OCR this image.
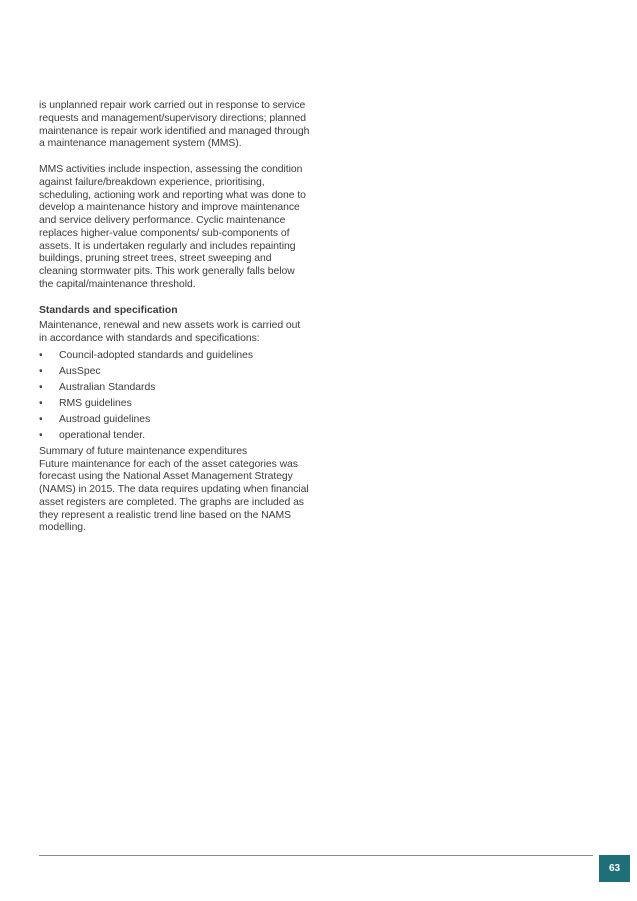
is unplanned repair work carried out in response to service requests and management/supervisory directions; planned maintenance is repair work identified and managed through a maintenance management system (MMS).

MMS activities include inspection, assessing the condition against failure/breakdown experience, prioritising, scheduling, actioning work and reporting what was done to develop a maintenance history and improve maintenance and service delivery performance. Cyclic maintenance replaces higher-value components/ sub-components of assets. It is undertaken regularly and includes repainting buildings, pruning street trees, street sweeping and cleaning stormwater pits. This work generally falls below the capital/maintenance threshold.

Standards and specification

Maintenance, renewal and new assets work is carried out in accordance with standards and specifications:

• Council-adopted standards and guidelines
• AusSpec
• Australian Standards
• RMS guidelines
• Austroad guidelines
• operational tender.

Summary of future maintenance expenditures
Future maintenance for each of the asset categories was forecast using the National Asset Management Strategy (NAMS) in 2015. The data requires updating when financial asset registers are completed. The graphs are included as they represent a realistic trend line based on the NAMS modelling.

63
